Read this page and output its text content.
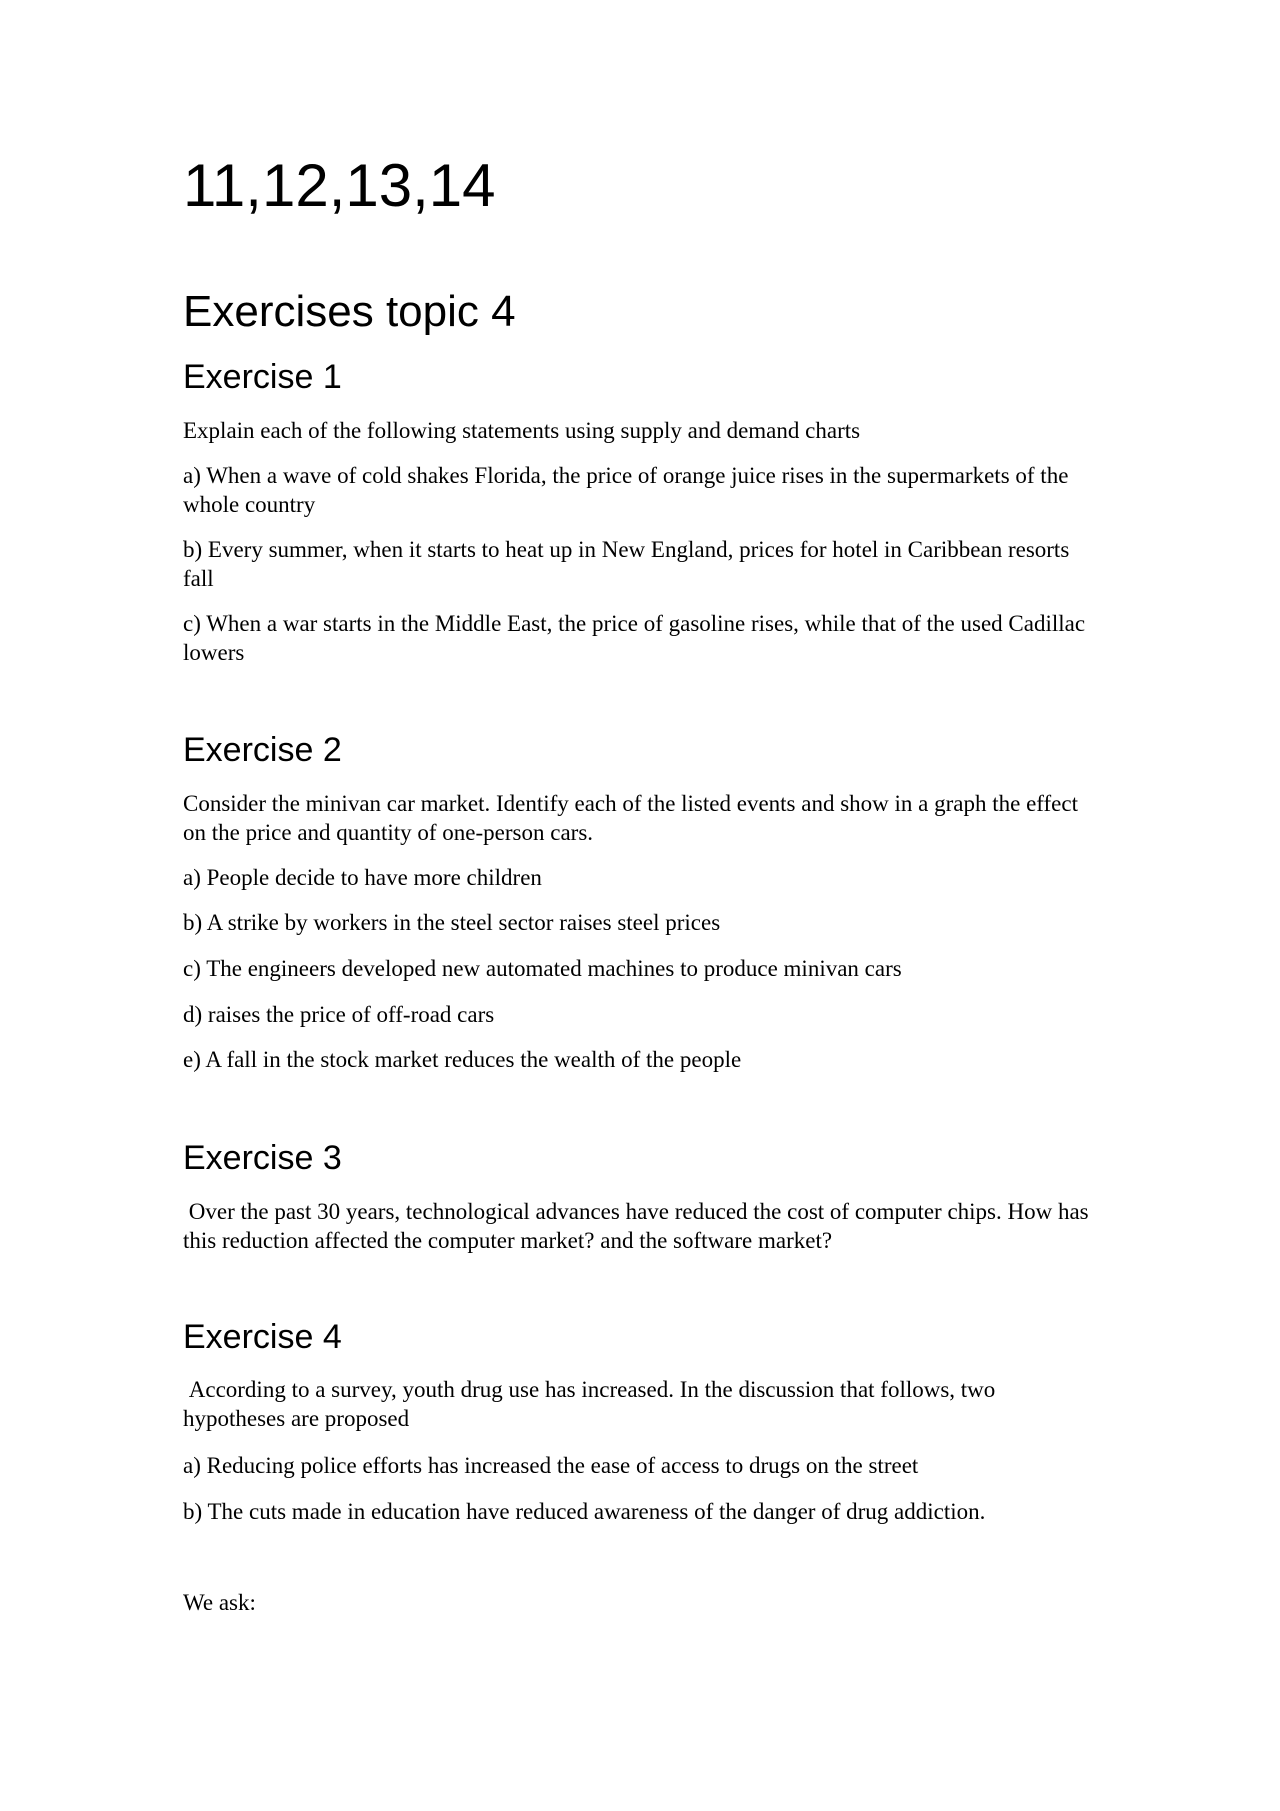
11,12,13,14
Exercises topic 4
Exercise 1

Explain each of the following statements using supply and demand charts

a) When a wave of cold shakes Florida, the price of orange juice rises in the supermarkets of the whole country

b) Every summer, when it starts to heat up in New England, prices for hotel in Caribbean resorts fall

c) When a war starts in the Middle East, the price of gasoline rises, while that of the used Cadillac lowers

Exercise 2

Consider the minivan car market. Identify each of the listed events and show in a graph the effect on the price and quantity of one-person cars.

a) People decide to have more children

b) A strike by workers in the steel sector raises steel prices

c) The engineers developed new automated machines to produce minivan cars

d) raises the price of off-road cars

e) A fall in the stock market reduces the wealth of the people

Exercise 3

Over the past 30 years, technological advances have reduced the cost of computer chips. How has this reduction affected the computer market? and the software market?

Exercise 4

According to a survey, youth drug use has increased. In the discussion that follows, two hypotheses are proposed

a) Reducing police efforts has increased the ease of access to drugs on the street

b) The cuts made in education have reduced awareness of the danger of drug addiction.

We ask:
